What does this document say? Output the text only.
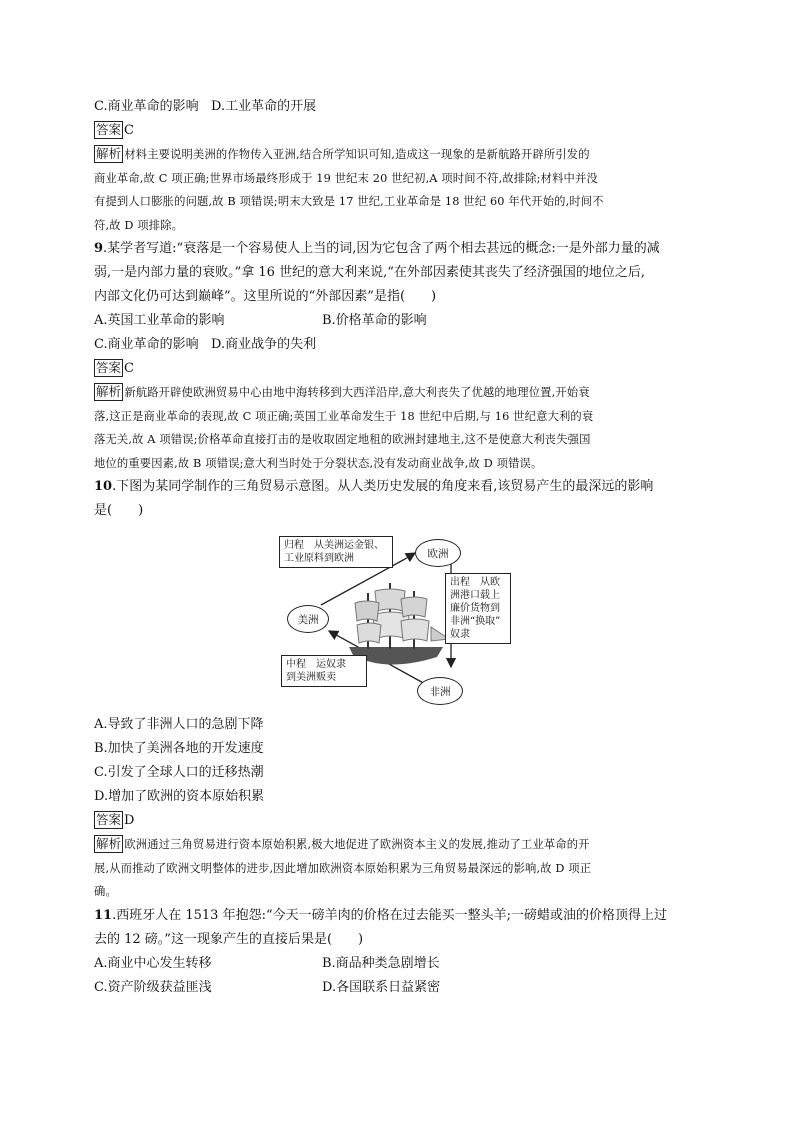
C.商业革命的影响 D.工业革命的开展
答案 C
解析 材料主要说明美洲的作物传入亚洲,结合所学知识可知,造成这一现象的是新航路开辟所引发的
商业革命,故 C 项正确;世界市场最终形成于 19 世纪末 20 世纪初,A 项时间不符,故排除;材料中并没
有提到人口膨胀的问题,故 B 项错误;明末大致是 17 世纪,工业革命是 18 世纪 60 年代开始的,时间不
符,故 D 项排除。
9.某学者写道:“衰落是一个容易使人上当的词,因为它包含了两个相去甚远的概念:一是外部力量的减
弱,一是内部力量的衰败。”拿 16 世纪的意大利来说,“在外部因素使其丧失了经济强国的地位之后,
内部文化仍可达到巅峰”。这里所说的“外部因素”是指(　　)
A.英国工业革命的影响	B.价格革命的影响
C.商业革命的影响 D.商业战争的失利
答案 C
解析 新航路开辟使欧洲贸易中心由地中海转移到大西洋沿岸,意大利丧失了优越的地理位置,开始衰
落,这正是商业革命的表现,故 C 项正确;英国工业革命发生于 18 世纪中后期,与 16 世纪意大利的衰
落无关,故 A 项错误;价格革命直接打击的是收取固定地租的欧洲封建地主,这不是使意大利丧失强国
地位的重要因素,故 B 项错误;意大利当时处于分裂状态,没有发动商业战争,故 D 项错误。
10.下图为某同学制作的三角贸易示意图。从人类历史发展的角度来看,该贸易产生的最深远的影响
是(　　)
欧洲
美洲
非洲
归程　从美洲运金银、
工业原料到欧洲
出程　从欧
洲港口载上
廉价货物到
非洲“换取”
奴隶
中程　运奴隶
到美洲贩卖
A.导致了非洲人口的急剧下降
B.加快了美洲各地的开发速度
C.引发了全球人口的迁移热潮
D.增加了欧洲的资本原始积累
答案 D
解析 欧洲通过三角贸易进行资本原始积累,极大地促进了欧洲资本主义的发展,推动了工业革命的开
展,从而推动了欧洲文明整体的进步,因此增加欧洲资本原始积累为三角贸易最深远的影响,故 D 项正
确。
11.西班牙人在 1513 年抱怨:“今天一磅羊肉的价格在过去能买一整头羊;一磅蜡或油的价格顶得上过
去的 12 磅。”这一现象产生的直接后果是(　　)
A.商业中心发生转移	B.商品种类急剧增长
C.资产阶级获益匪浅	D.各国联系日益紧密
